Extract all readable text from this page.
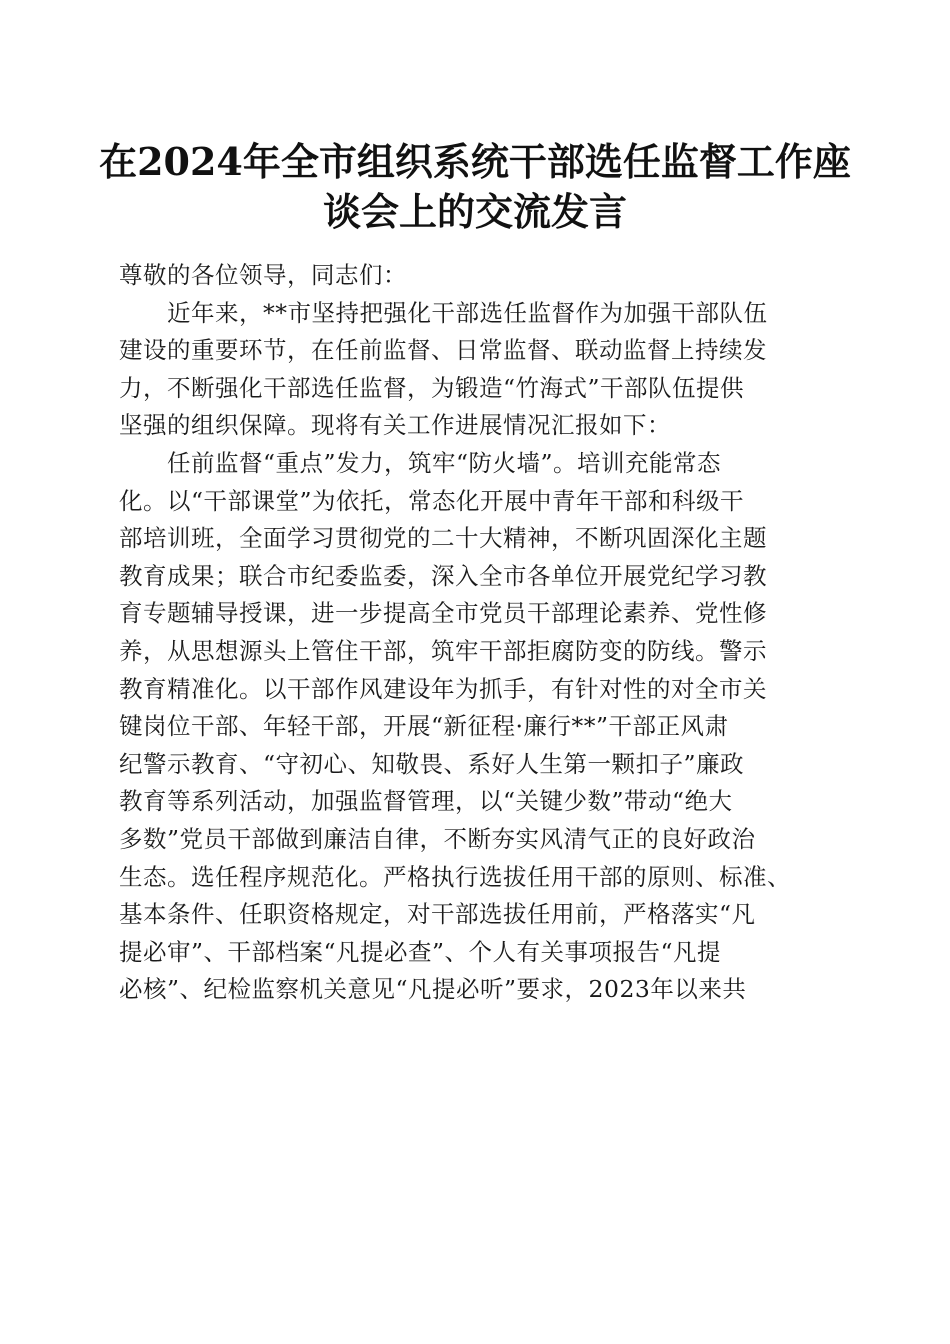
在2024年全市组织系统干部选任监督工作座
谈会上的交流发言
尊敬的各位领导，同志们：
近年来，**市坚持把强化干部选任监督作为加强干部队伍
建设的重要环节，在任前监督、日常监督、联动监督上持续发
力，不断强化干部选任监督，为锻造“竹海式”干部队伍提供
坚强的组织保障。现将有关工作进展情况汇报如下：
任前监督“重点”发力，筑牢“防火墙”。培训充能常态
化。以“干部课堂”为依托，常态化开展中青年干部和科级干
部培训班，全面学习贯彻党的二十大精神，不断巩固深化主题
教育成果；联合市纪委监委，深入全市各单位开展党纪学习教
育专题辅导授课，进一步提高全市党员干部理论素养、党性修
养，从思想源头上管住干部，筑牢干部拒腐防变的防线。警示
教育精准化。以干部作风建设年为抓手，有针对性的对全市关
键岗位干部、年轻干部，开展“新征程·廉行**”干部正风肃
纪警示教育、“守初心、知敬畏、系好人生第一颗扣子”廉政
教育等系列活动，加强监督管理，以“关键少数”带动“绝大
多数”党员干部做到廉洁自律，不断夯实风清气正的良好政治
生态。选任程序规范化。严格执行选拔任用干部的原则、标准、
基本条件、任职资格规定，对干部选拔任用前，严格落实“凡
提必审”、干部档案“凡提必查”、个人有关事项报告“凡提
必核”、纪检监察机关意见“凡提必听”要求，2023年以来共
